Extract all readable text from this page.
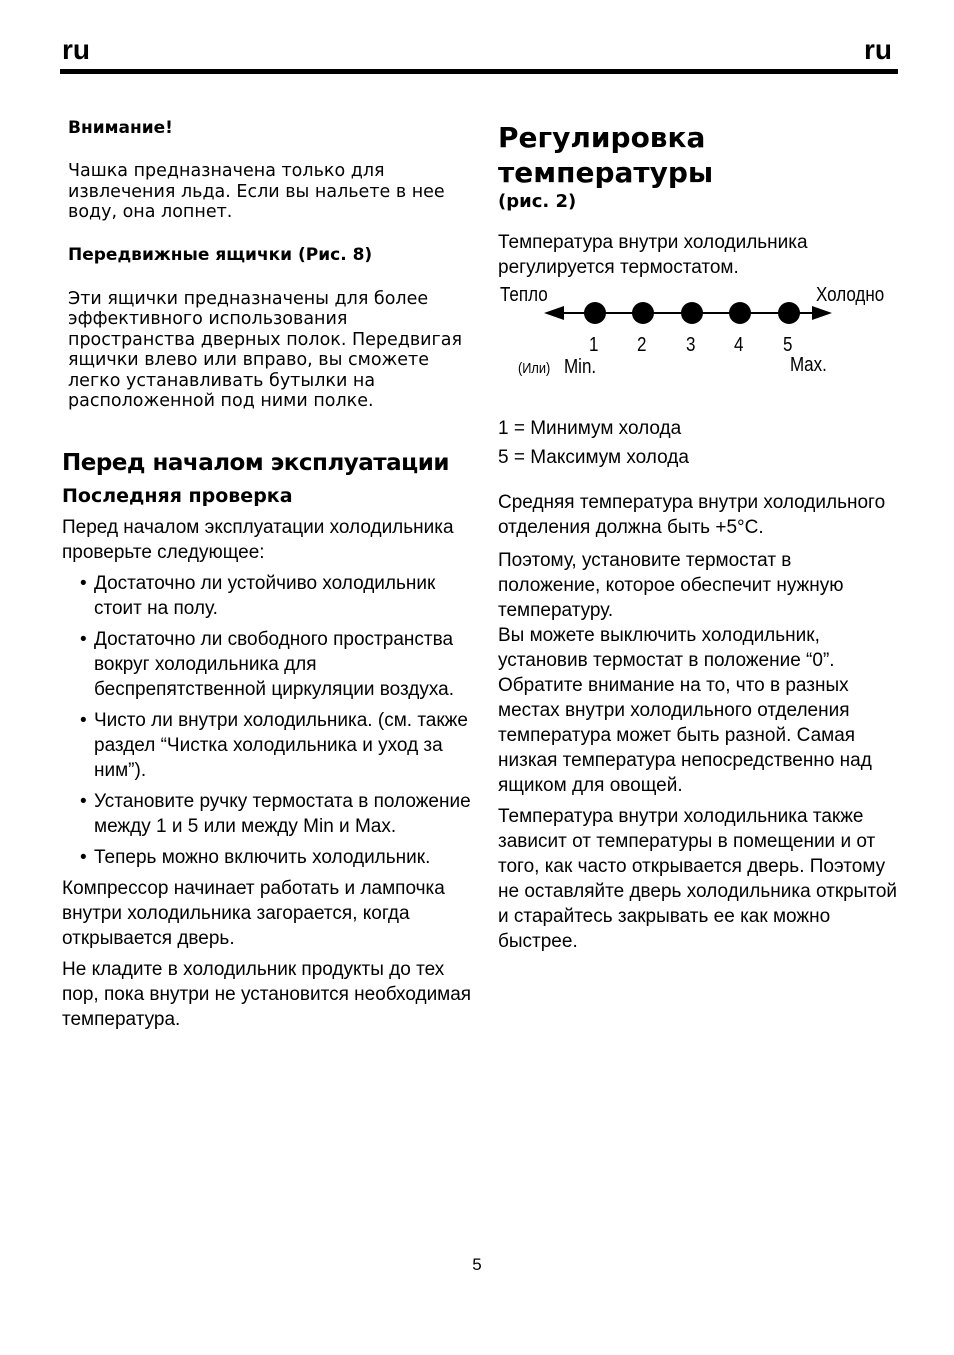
ru	ru

Внимание!

Чашка предназначена только для извлечения льда. Если вы нальете в нее воду, она лопнет.

Передвижные ящички (Рис. 8)

Эти ящички предназначены для более эффективного использования пространства дверных полок. Передвигая ящички влево или вправо, вы сможете легко устанавливать бутылки на расположенной под ними полке.

Перед началом эксплуатации

Последняя проверка

Перед началом эксплуатации холодильника проверьте следующее:

• Достаточно ли устойчиво холодильник стоит на полу.
• Достаточно ли свободного пространства вокруг холодильника для беспрепятственной циркуляции воздуха.
• Чисто ли внутри холодильника. (см. также раздел “Чистка холодильника и уход за ним”).
• Установите ручку термостата в положение между 1 и 5 или между Min и Max.
• Теперь можно включить холодильник.

Компрессор начинает работать и лампочка внутри холодильника загорается, когда открывается дверь.

Не кладите в холодильник продукты до тех пор, пока внутри не установится необходимая температура.

Регулировка

температуры

(рис. 2)

Температура внутри холодильника регулируется термостатом.

Тепло	Холодно
1 2 3 4 5
(Или) Min.	Max.

1 = Минимум холода

5 = Максимум холода

Средняя температура внутри холодильного отделения должна быть +5°C.

Поэтому, установите термостат в положение, которое обеспечит нужную температуру.

Вы можете выключить холодильник, установив термостат в положение “0”. Обратите внимание на то, что в разных местах внутри холодильного отделения температура может быть разной. Самая низкая температура непосредственно над ящиком для овощей.

Температура внутри холодильника также зависит от температуры в помещении и от того, как часто открывается дверь. Поэтому не оставляйте дверь холодильника открытой и старайтесь закрывать ее как можно быстрее.

5
